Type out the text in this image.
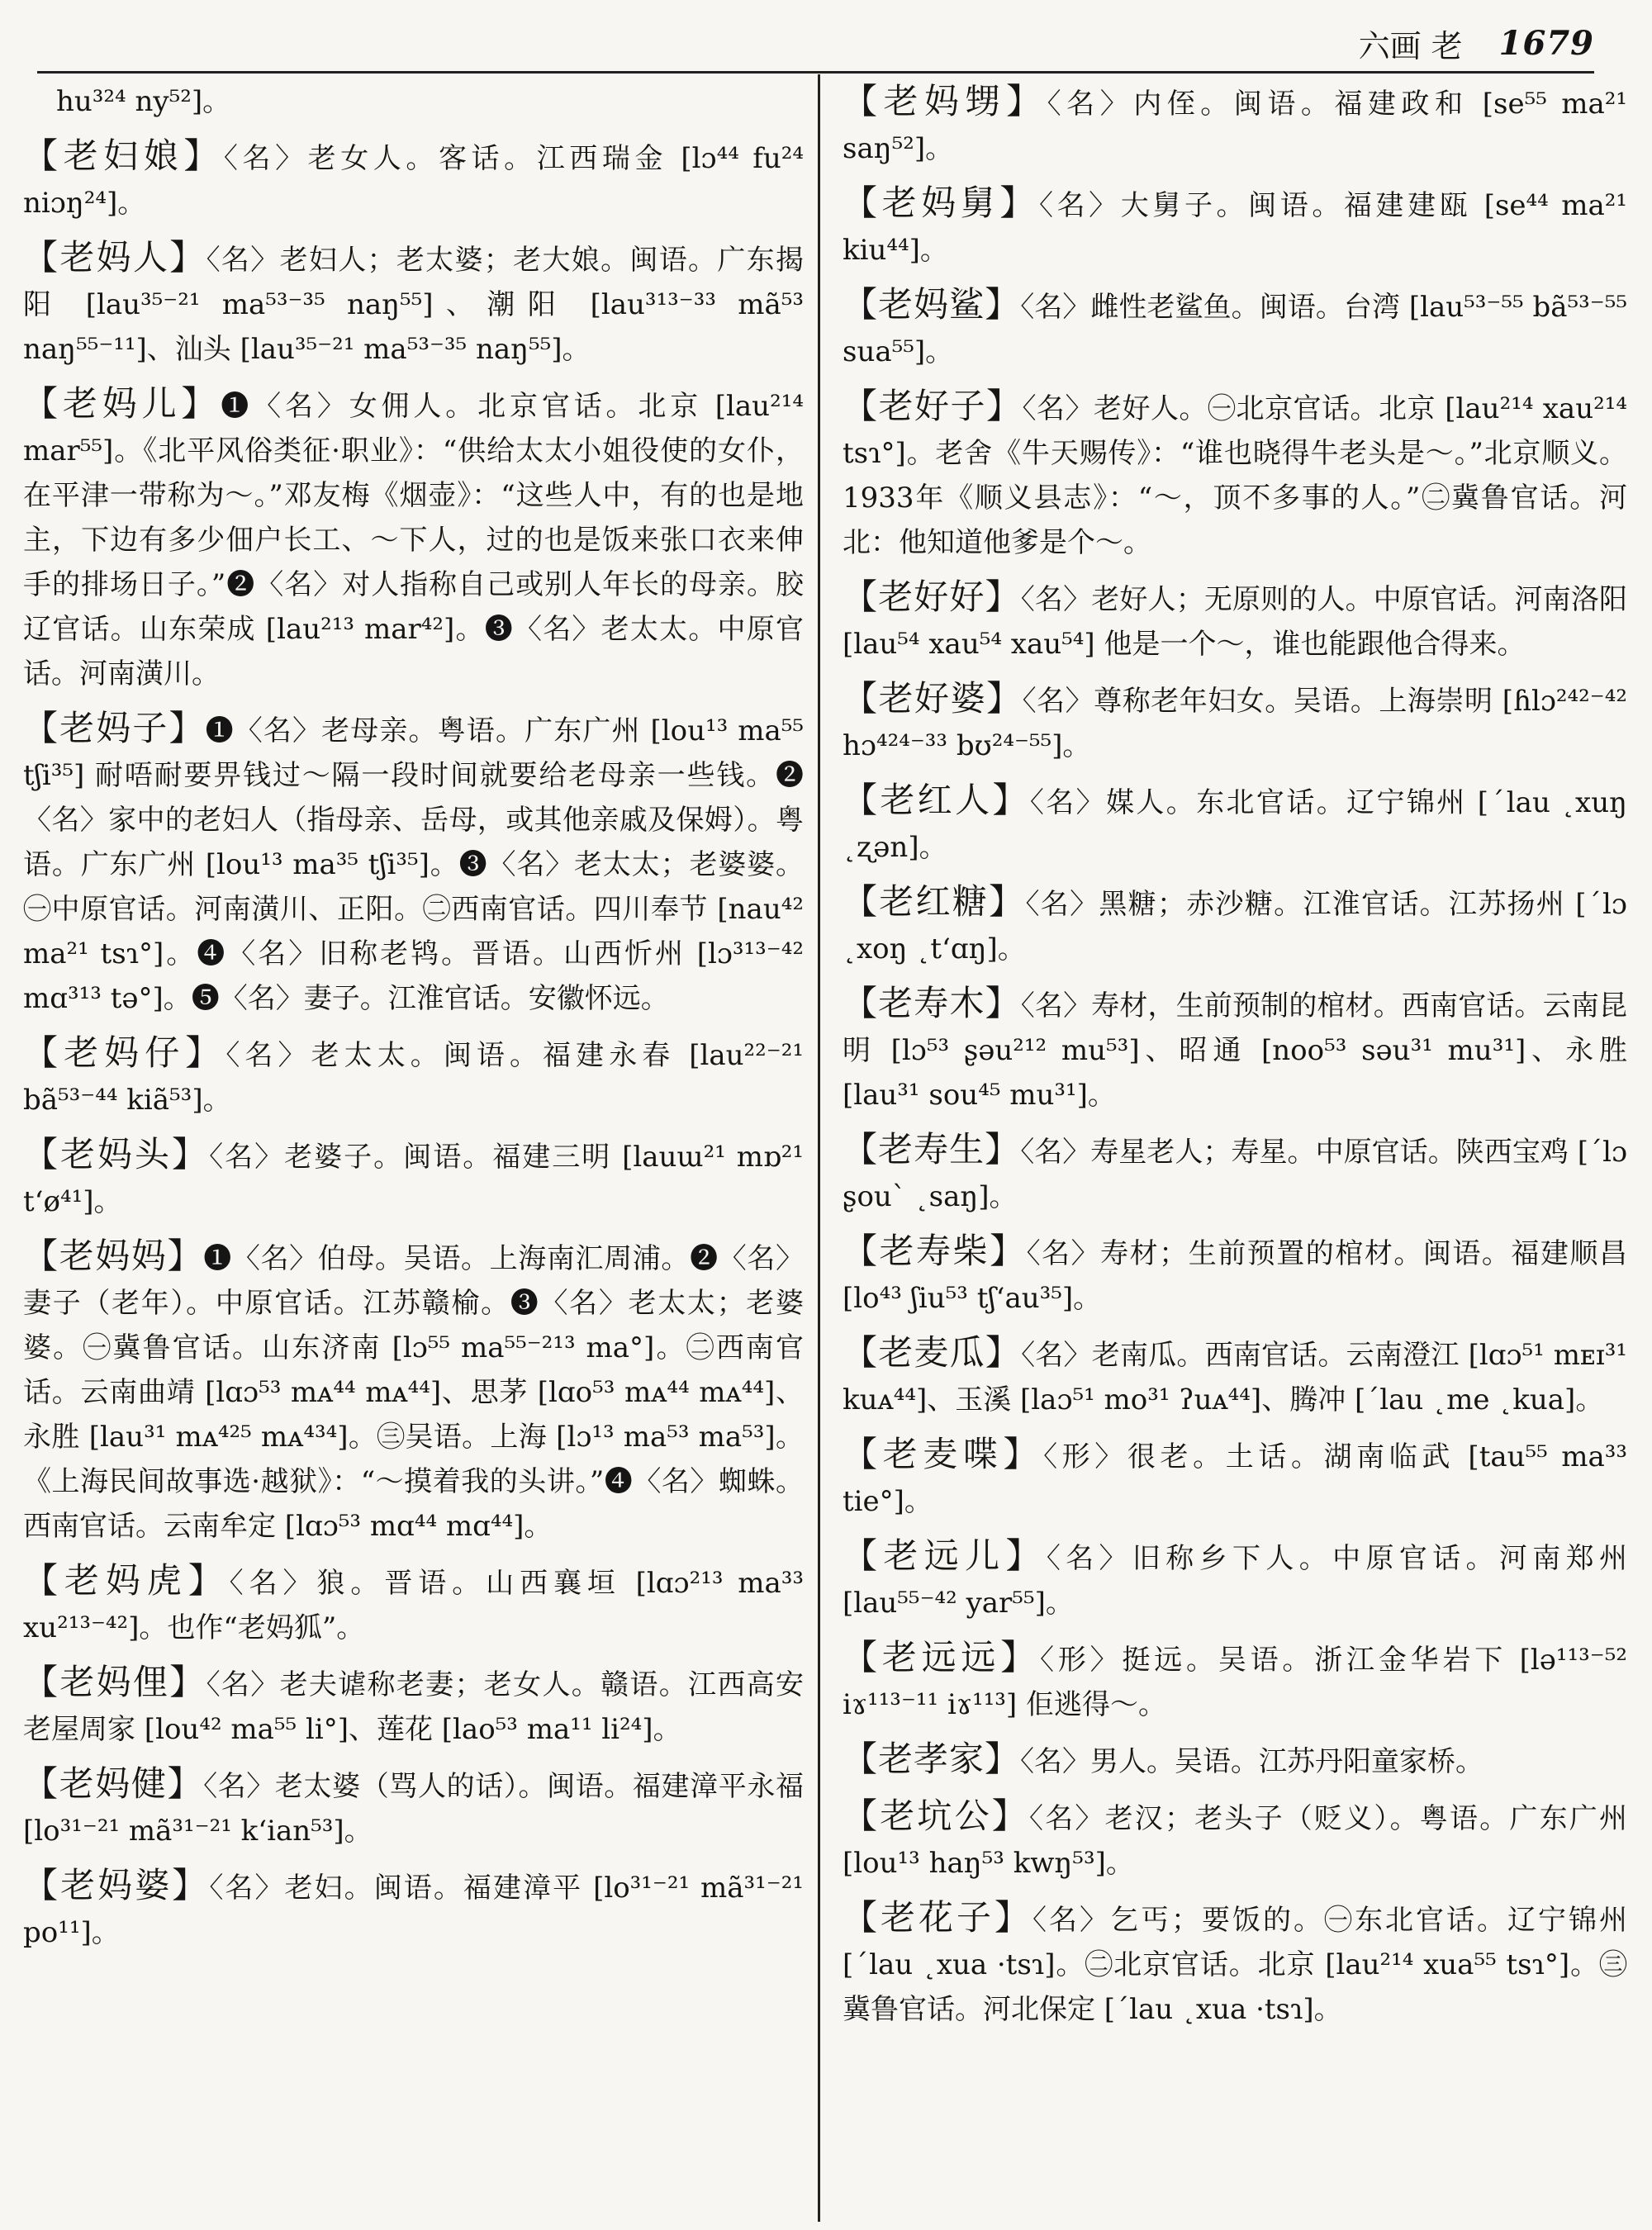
六画 老 1679

hu³²⁴ ny⁵²]。

【老妇娘】〈名〉老女人。客话。江西瑞金 [lɔ⁴⁴ fu²⁴ niɔŋ²⁴]。

【老妈人】〈名〉老妇人；老太婆；老大娘。闽语。广东揭阳 [lau³⁵⁻²¹ ma⁵³⁻³⁵ naŋ⁵⁵]、潮阳 [lau³¹³⁻³³ mã⁵³ naŋ⁵⁵⁻¹¹]、汕头 [lau³⁵⁻²¹ ma⁵³⁻³⁵ naŋ⁵⁵]。

【老妈儿】❶〈名〉女佣人。北京官话。北京 [lau²¹⁴ mar⁵⁵]。《北平风俗类征·职业》：“供给太太小姐役使的女仆，在平津一带称为～。”邓友梅《烟壶》：“这些人中，有的也是地主，下边有多少佃户长工、～下人，过的也是饭来张口衣来伸手的排场日子。”❷〈名〉对人指称自己或别人年长的母亲。胶辽官话。山东荣成 [lau²¹³ mar⁴²]。❸〈名〉老太太。中原官话。河南潢川。

【老妈子】❶〈名〉老母亲。粤语。广东广州 [lou¹³ ma⁵⁵ tʃi³⁵] 耐唔耐要畀钱过～隔一段时间就要给老母亲一些钱。❷〈名〉家中的老妇人（指母亲、岳母，或其他亲戚及保姆）。粤语。广东广州 [lou¹³ ma³⁵ tʃi³⁵]。❸〈名〉老太太；老婆婆。㊀中原官话。河南潢川、正阳。㊁西南官话。四川奉节 [nau⁴² ma²¹ tsɿ°]。❹〈名〉旧称老鸨。晋语。山西忻州 [lɔ³¹³⁻⁴² mɑ³¹³ tə°]。❺〈名〉妻子。江淮官话。安徽怀远。

【老妈仔】〈名〉老太太。闽语。福建永春 [lau²²⁻²¹ bã⁵³⁻⁴⁴ kiã⁵³]。

【老妈头】〈名〉老婆子。闽语。福建三明 [lauɯ²¹ mɒ²¹ tʻø⁴¹]。

【老妈妈】❶〈名〉伯母。吴语。上海南汇周浦。❷〈名〉妻子（老年）。中原官话。江苏赣榆。❸〈名〉老太太；老婆婆。㊀冀鲁官话。山东济南 [lɔ⁵⁵ ma⁵⁵⁻²¹³ ma°]。㊁西南官话。云南曲靖 [lɑɔ⁵³ mᴀ⁴⁴ mᴀ⁴⁴]、思茅 [lɑo⁵³ mᴀ⁴⁴ mᴀ⁴⁴]、永胜 [lau³¹ mᴀ⁴²⁵ mᴀ⁴³⁴]。㊂吴语。上海 [lɔ¹³ ma⁵³ ma⁵³]。《上海民间故事选·越狱》：“～摸着我的头讲。”❹〈名〉蜘蛛。西南官话。云南牟定 [lɑɔ⁵³ mɑ⁴⁴ mɑ⁴⁴]。

【老妈虎】〈名〉狼。晋语。山西襄垣 [lɑɔ²¹³ ma³³ xu²¹³⁻⁴²]。也作“老妈狐”。

【老妈俚】〈名〉老夫谑称老妻；老女人。赣语。江西高安老屋周家 [lou⁴² ma⁵⁵ li°]、莲花 [lao⁵³ ma¹¹ li²⁴]。

【老妈健】〈名〉老太婆（骂人的话）。闽语。福建漳平永福 [lo³¹⁻²¹ mã³¹⁻²¹ kʻian⁵³]。

【老妈婆】〈名〉老妇。闽语。福建漳平 [lo³¹⁻²¹ mã³¹⁻²¹ po¹¹]。

【老妈甥】〈名〉内侄。闽语。福建政和 [se⁵⁵ ma²¹ saŋ⁵²]。

【老妈舅】〈名〉大舅子。闽语。福建建瓯 [se⁴⁴ ma²¹ kiu⁴⁴]。

【老妈鲨】〈名〉雌性老鲨鱼。闽语。台湾 [lau⁵³⁻⁵⁵ bã⁵³⁻⁵⁵ sua⁵⁵]。

【老好子】〈名〉老好人。㊀北京官话。北京 [lau²¹⁴ xau²¹⁴ tsɿ°]。老舍《牛天赐传》：“谁也晓得牛老头是～。”北京顺义。1933年《顺义县志》：“～，顶不多事的人。”㊁冀鲁官话。河北：他知道他爹是个～。

【老好好】〈名〉老好人；无原则的人。中原官话。河南洛阳 [lau⁵⁴ xau⁵⁴ xau⁵⁴] 他是一个～，谁也能跟他合得来。

【老好婆】〈名〉尊称老年妇女。吴语。上海崇明 [ɦlɔ²⁴²⁻⁴² hɔ⁴²⁴⁻³³ bʊ²⁴⁻⁵⁵]。

【老红人】〈名〉媒人。东北官话。辽宁锦州 [ˊlau ˛xuŋ ˛ʐən]。

【老红糖】〈名〉黑糖；赤沙糖。江淮官话。江苏扬州 [ˊlɔ ˛xoŋ ˛tʻɑŋ]。

【老寿木】〈名〉寿材，生前预制的棺材。西南官话。云南昆明 [lɔ⁵³ ʂəu²¹² mu⁵³]、昭通 [noo⁵³ səu³¹ mu³¹]、永胜 [lau³¹ sou⁴⁵ mu³¹]。

【老寿生】〈名〉寿星老人；寿星。中原官话。陕西宝鸡 [ˊlɔ ʂouˋ ˛saŋ]。

【老寿柴】〈名〉寿材；生前预置的棺材。闽语。福建顺昌 [lo⁴³ ʃiu⁵³ tʃʻau³⁵]。

【老麦瓜】〈名〉老南瓜。西南官话。云南澄江 [lɑɔ⁵¹ mᴇɪ³¹ kuᴀ⁴⁴]、玉溪 [laɔ⁵¹ mo³¹ ʔuᴀ⁴⁴]、腾冲 [ˊlau ˛me ˛kua]。

【老麦喋】〈形〉很老。土话。湖南临武 [tau⁵⁵ ma³³ tie°]。

【老远儿】〈名〉旧称乡下人。中原官话。河南郑州 [lau⁵⁵⁻⁴² yar⁵⁵]。

【老远远】〈形〉挺远。吴语。浙江金华岩下 [lə¹¹³⁻⁵² iɤ¹¹³⁻¹¹ iɤ¹¹³] 佢逃得～。

【老孝家】〈名〉男人。吴语。江苏丹阳童家桥。

【老坑公】〈名〉老汉；老头子（贬义）。粤语。广东广州 [lou¹³ haŋ⁵³ kwŋ⁵³]。

【老花子】〈名〉乞丐；要饭的。㊀东北官话。辽宁锦州 [ˊlau ˛xua ·tsɿ]。㊁北京官话。北京 [lau²¹⁴ xua⁵⁵ tsɿ°]。㊂冀鲁官话。河北保定 [ˊlau ˛xua ·tsɿ]。
